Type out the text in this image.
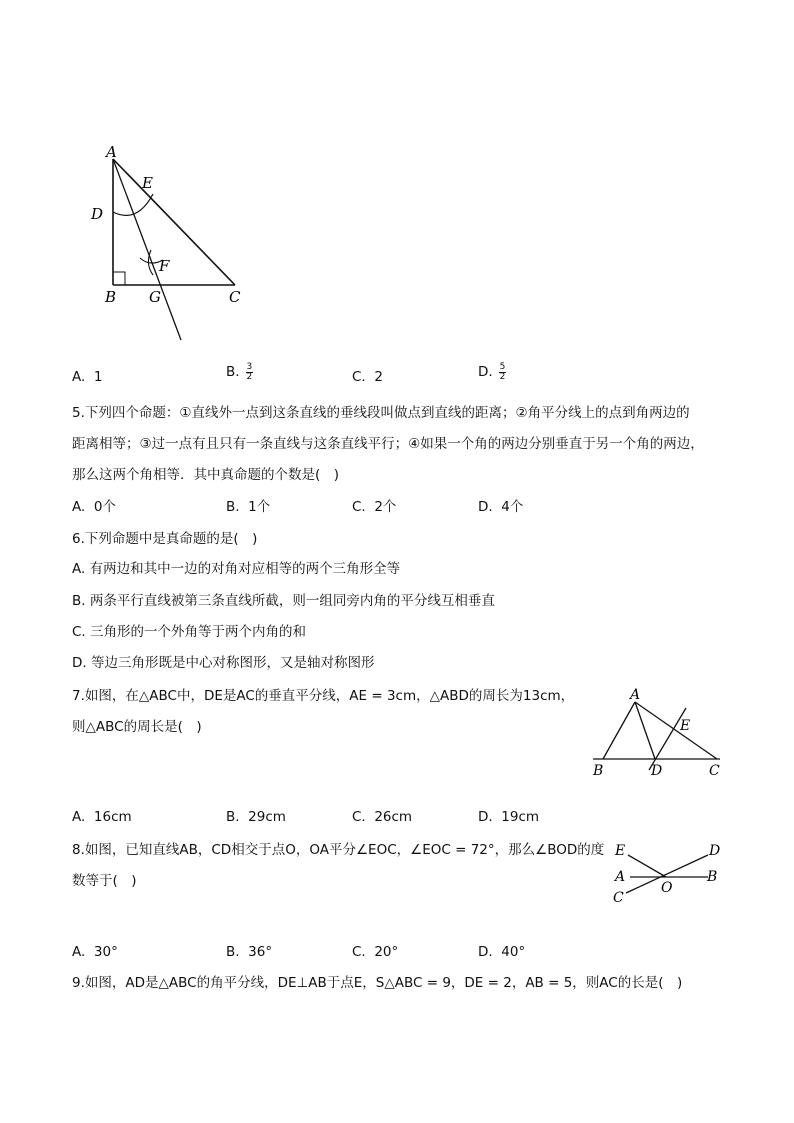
A
E
D
F
B G	C
A. 1	B. $\frac{3}{2}$	C. 2	D. $\frac{5}{2}$
5.下列四个命题：①直线外一点到这条直线的垂线段叫做点到直线的距离；②角平分线上的点到角两边的
距离相等；③过一点有且只有一条直线与这条直线平行；④如果一个角的两边分别垂直于另一个角的两边，
那么这两个角相等．其中真命题的个数是(　)
A. 0个	B. 1个	C. 2个	D. 4个
6.下列命题中是真命题的是(　)
A. 有两边和其中一边的对角对应相等的两个三角形全等
B. 两条平行直线被第三条直线所截，则一组同旁内角的平分线互相垂直
C. 三角形的一个外角等于两个内角的和
D. 等边三角形既是中心对称图形，又是轴对称图形
7.如图，在△ABC中，DE是AC的垂直平分线，AE = 3cm，△ABD的周长为13cm，
则△ABC的周长是(　)
A
E
B	D	C
A. 16cm	B. 29cm	C. 26cm	D. 19cm
8.如图，已知直线AB，CD相交于点O，OA平分∠EOC，∠EOC = 72°，那么∠BOD的度
数等于(　)
E	D
A
O
B
C
A. 30°	B. 36°	C. 20°	D. 40°
9.如图，AD是△ABC的角平分线，DE⊥AB于点E，S△ABC = 9，DE = 2，AB = 5，则AC的长是(　)
